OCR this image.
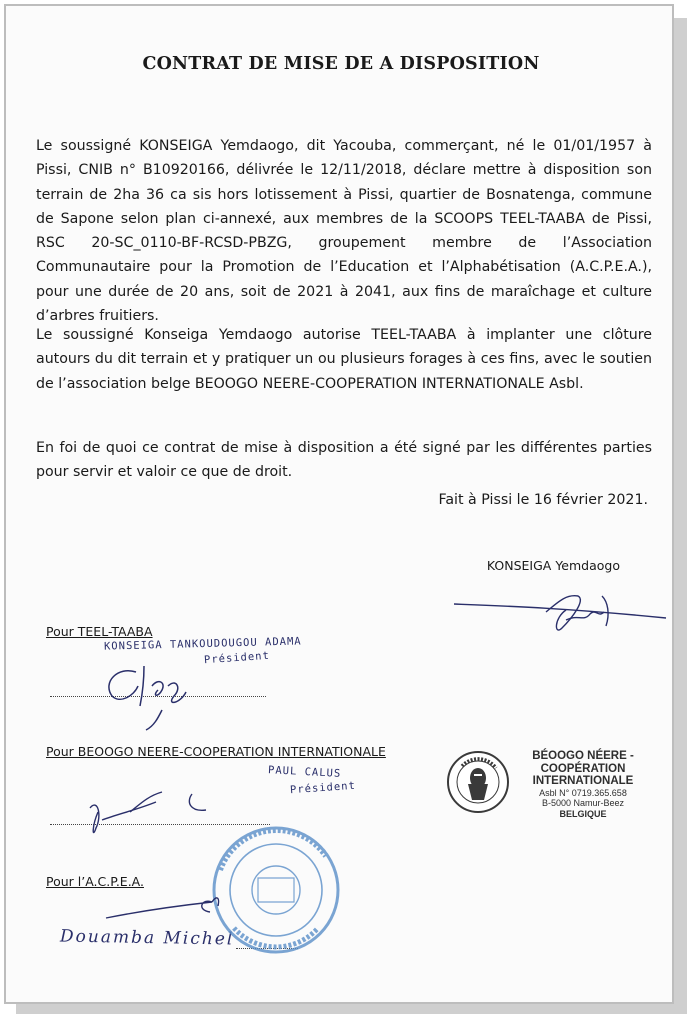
CONTRAT DE MISE DE A DISPOSITION

Le soussigné KONSEIGA Yemdaogo, dit Yacouba, commerçant, né le 01/01/1957 à Pissi, CNIB n° B10920166, délivrée le 12/11/2018, déclare mettre à disposition son terrain de 2ha 36 ca sis hors lotissement à Pissi, quartier de Bosnatenga, commune de Sapone selon plan ci-annexé, aux membres de la SCOOPS TEEL-TAABA de Pissi, RSC 20-SC_0110-BF-RCSD-PBZG, groupement membre de l’Association Communautaire pour la Promotion de l’Education et l’Alphabétisation (A.C.P.E.A.), pour une durée de 20 ans, soit de 2021 à 2041, aux fins de maraîchage et culture d’arbres fruitiers.

Le soussigné Konseiga Yemdaogo autorise TEEL-TAABA à implanter une clôture autours du dit terrain et y pratiquer un ou plusieurs forages à ces fins, avec le soutien de l’association belge BEOOGO NEERE-COOPERATION INTERNATIONALE Asbl.

En foi de quoi ce contrat de mise à disposition a été signé par les différentes parties pour servir et valoir ce que de droit.

Fait à Pissi le 16 février 2021.
KONSEIGA Yemdaogo
Pour TEEL-TAABA
KONSEIGA TANKOUDOUGOU ADAMA
Président
Pour BEOOGO NEERE-COOPERATION INTERNATIONALE
PAUL CALUS
Président
Pour l’A.C.P.E.A.
Douamba Michel
BÉOOGO NÉERE -
COOPÉRATION
INTERNATIONALE
Asbl N° 0719.365.658
B-5000 Namur-Beez
BELGIQUE
